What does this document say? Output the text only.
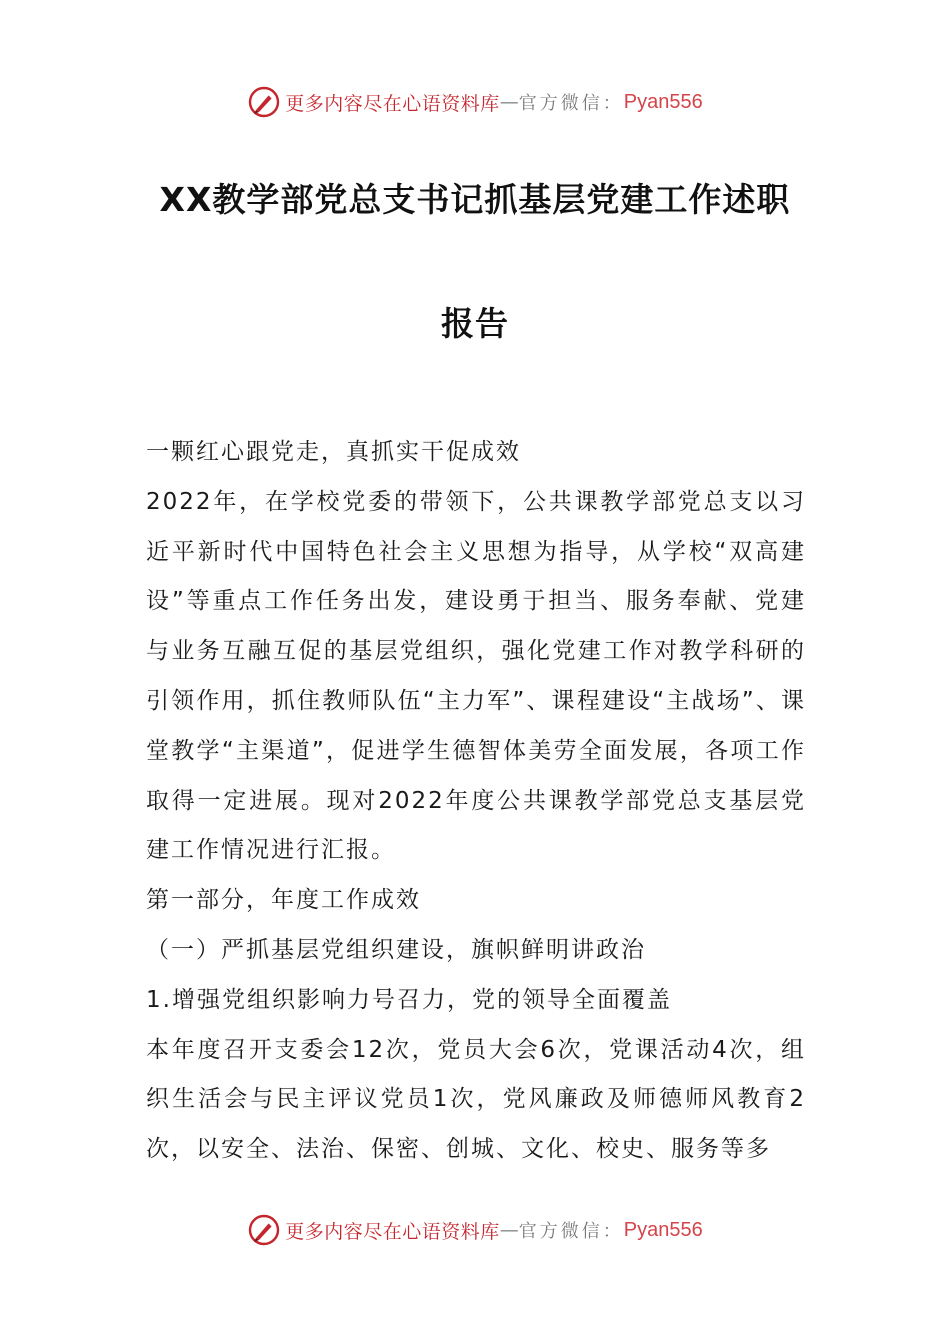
更多内容尽在心语资料库 — 官方微信： Pyan556
XX教学部党总支书记抓基层党建工作述职
报告

一颗红心跟党走，真抓实干促成效

2022年，在学校党委的带领下，公共课教学部党总支以习近平新时代中国特色社会主义思想为指导，从学校“双高建设”等重点工作任务出发，建设勇于担当、服务奉献、党建与业务互融互促的基层党组织，强化党建工作对教学科研的引领作用，抓住教师队伍“主力军”、课程建设“主战场”、课堂教学“主渠道”，促进学生德智体美劳全面发展，各项工作取得一定进展。现对2022年度公共课教学部党总支基层党建工作情况进行汇报。

第一部分，年度工作成效

（一）严抓基层党组织建设，旗帜鲜明讲政治

1.增强党组织影响力号召力，党的领导全面覆盖

本年度召开支委会12次，党员大会6次，党课活动4次，组织生活会与民主评议党员1次，党风廉政及师德师风教育2次，以安全、法治、保密、创城、文化、校史、服务等多

更多内容尽在心语资料库 — 官方微信： Pyan556
